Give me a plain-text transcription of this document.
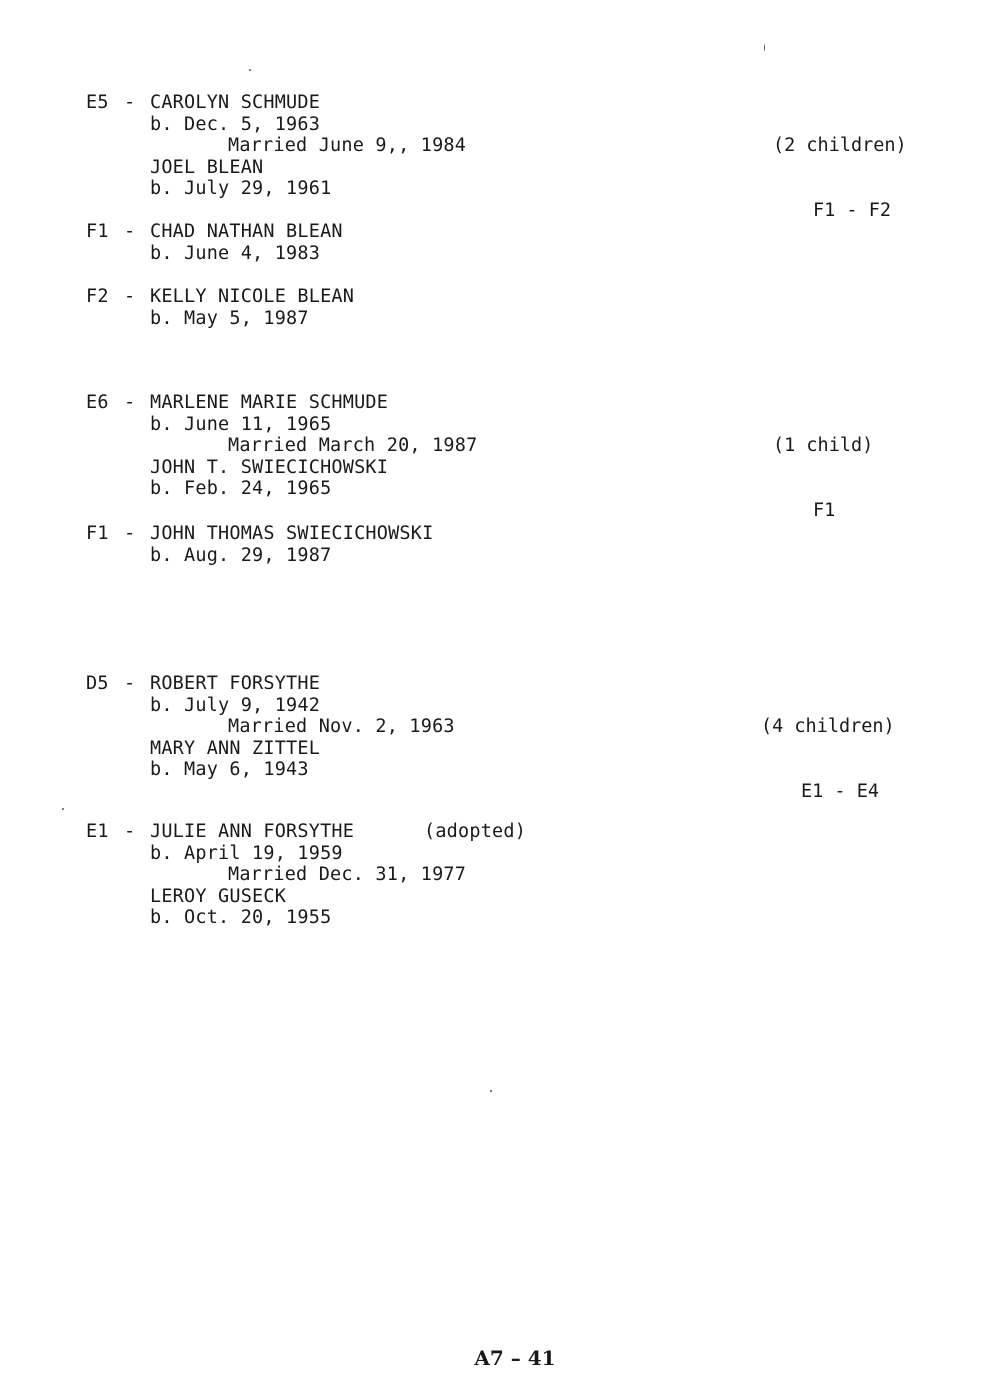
E5

-

CAROLYN SCHMUDE

b. Dec. 5, 1963
Married June 9,, 1984
JOEL BLEAN
b. July 29, 1961

(2 children)

F1 - F2

F1

-

CHAD NATHAN BLEAN

b. June 4, 1983

F2

-

KELLY NICOLE BLEAN

b. May 5, 1987

E6

-

MARLENE MARIE SCHMUDE

b. June 11, 1965
Married March 20, 1987
JOHN T. SWIECICHOWSKI
b. Feb. 24, 1965

(1 child)

F1

F1

-

JOHN THOMAS SWIECICHOWSKI

b. Aug. 29, 1987

D5

-

ROBERT FORSYTHE

b. July 9, 1942
Married Nov. 2, 1963
MARY ANN ZITTEL
b. May 6, 1943

(4 children)

E1 - E4

E1

-

JULIE ANN FORSYTHE

	(adopted)

b. April 19, 1959
Married Dec. 31, 1977
LEROY GUSECK
b. Oct. 20, 1955
A7 – 41
